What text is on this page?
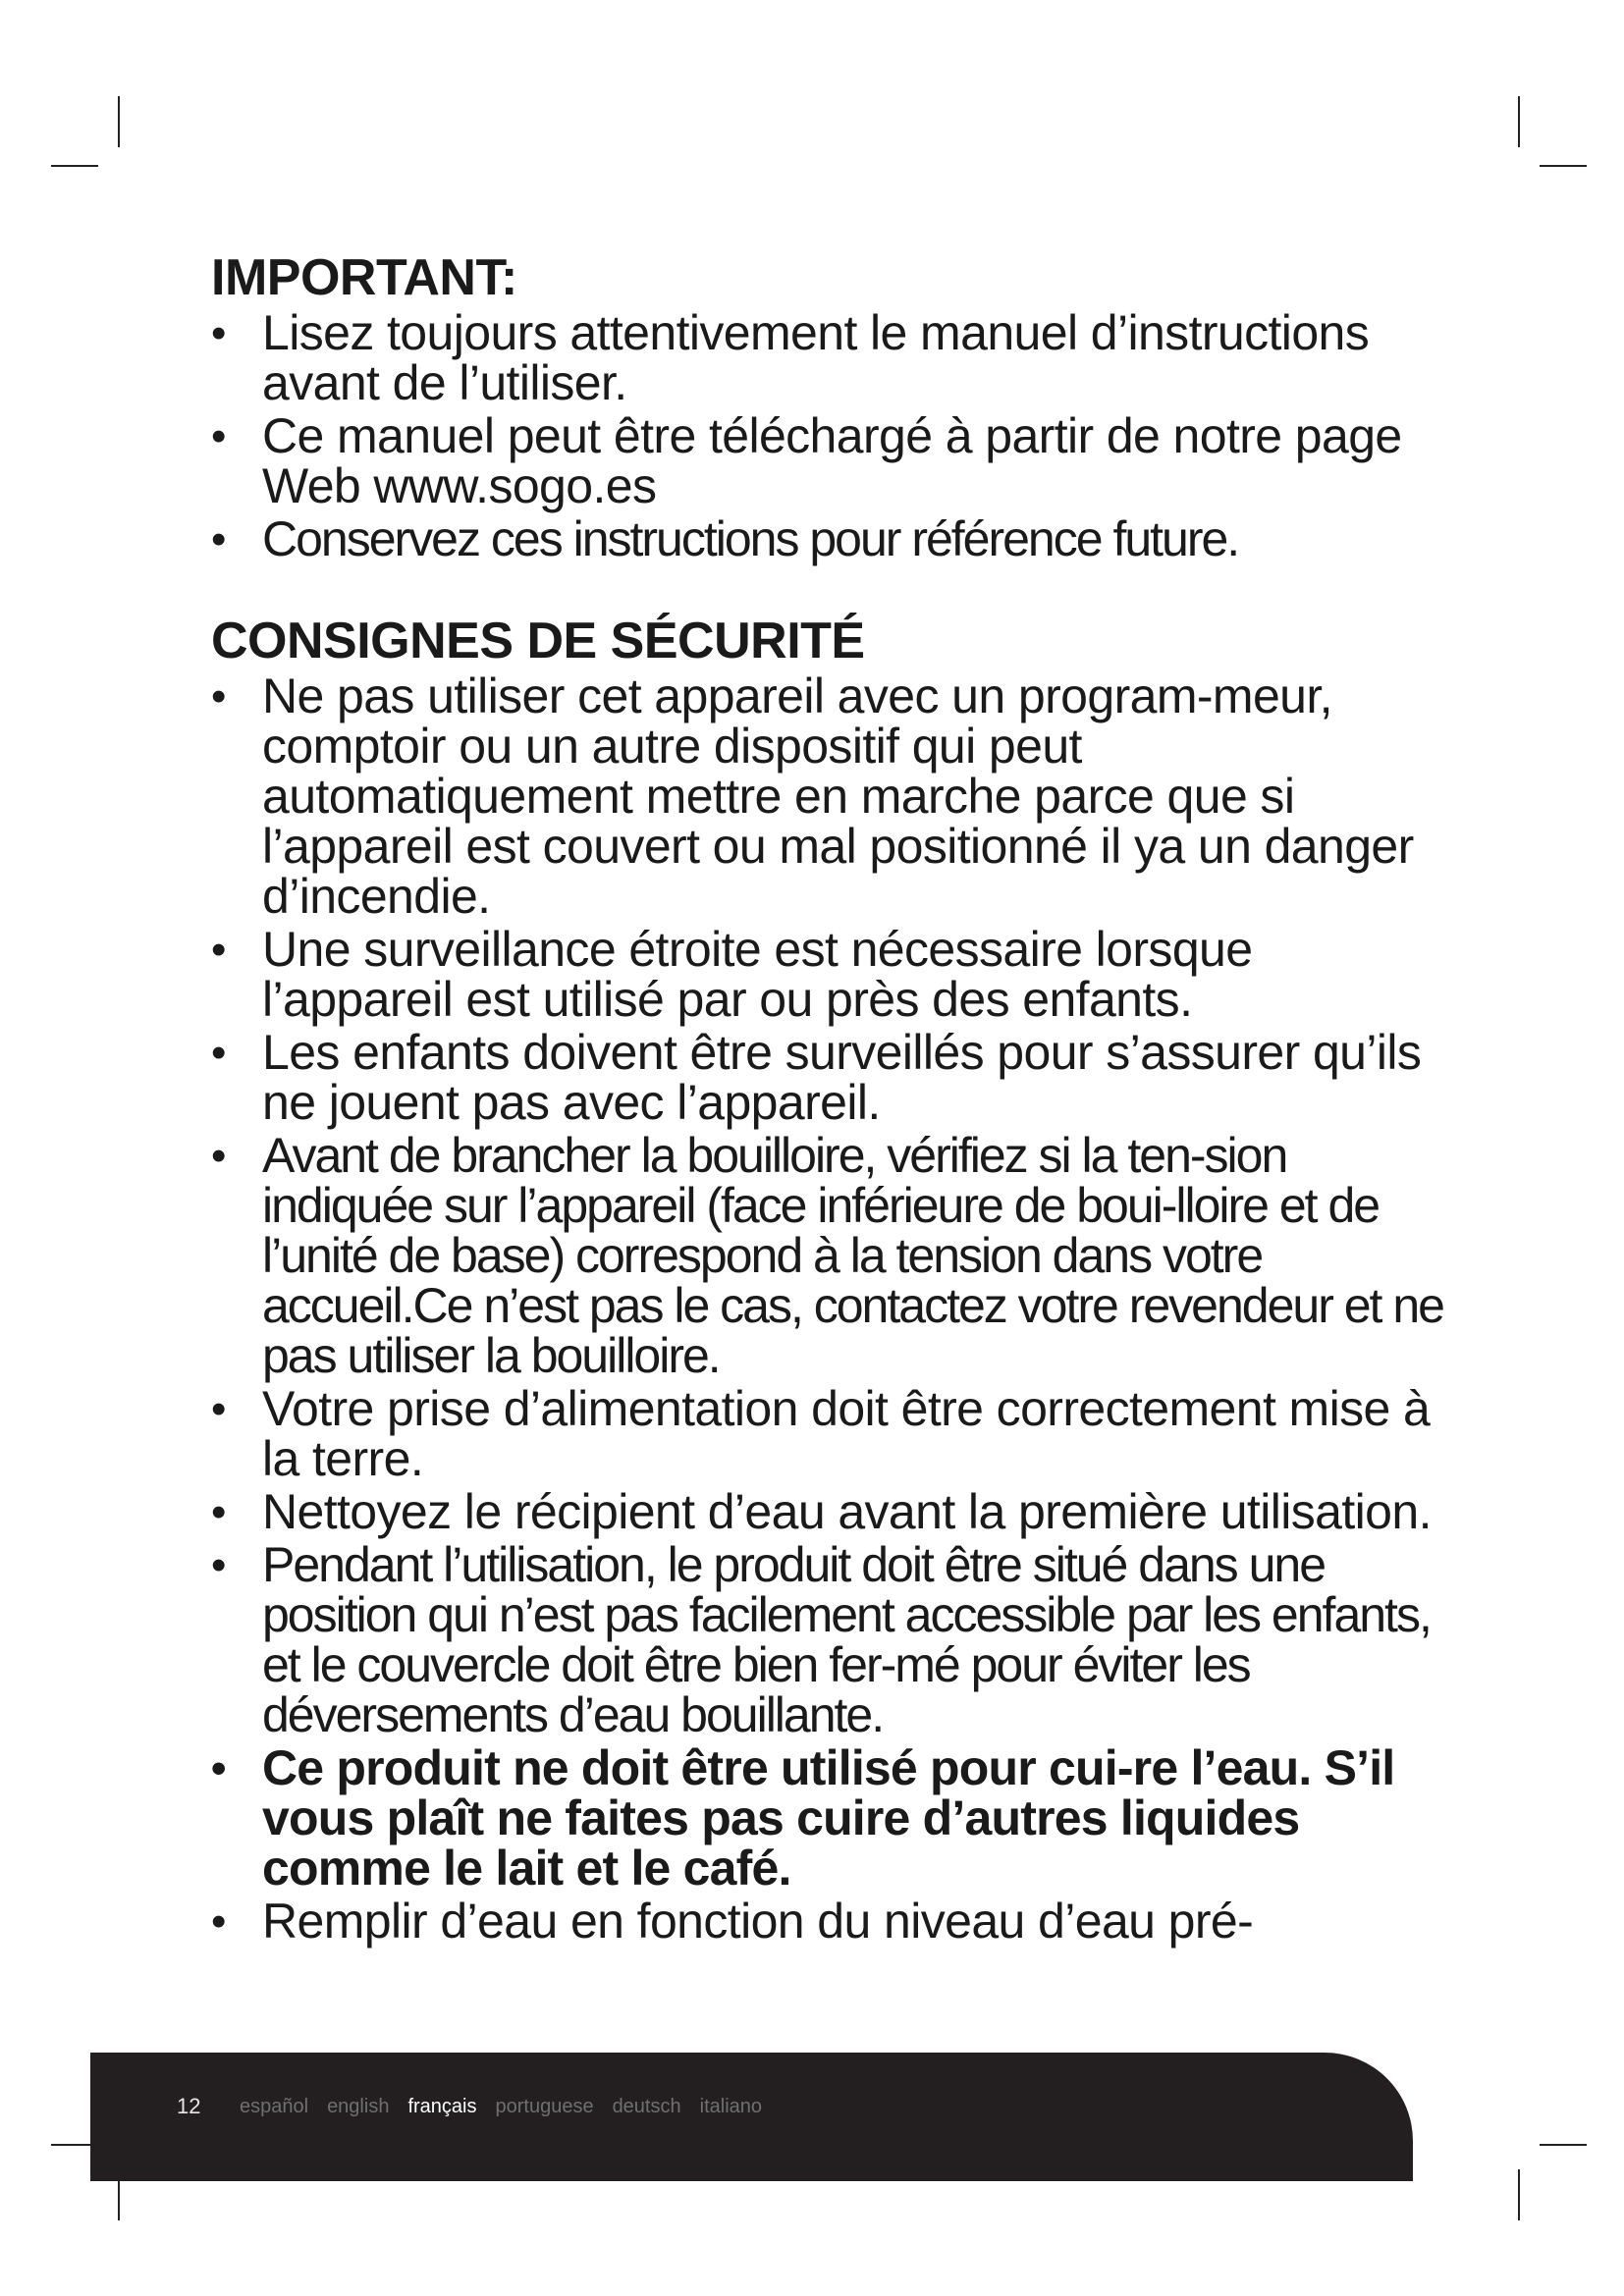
IMPORTANT:
• Lisez toujours attentivement le manuel d’instructions avant de l’utiliser.
• Ce manuel peut être téléchargé à partir de notre page Web www.sogo.es
• Conservez ces instructions pour référence future.
CONSIGNES DE SÉCURITÉ
• Ne pas utiliser cet appareil avec un program-meur, comptoir ou un autre dispositif qui peut automatiquement mettre en marche parce que si l’appareil est couvert ou mal positionné il ya un danger d’incendie.
• Une surveillance étroite est nécessaire lorsque l’appareil est utilisé par ou près des enfants.
• Les enfants doivent être surveillés pour s’assurer qu’ils ne jouent pas avec l’appareil.
• Avant de brancher la bouilloire, vérifiez si la ten-sion indiquée sur l’appareil (face inférieure de boui-lloire et de l’unité de base) correspond à la tension dans votre accueil.Ce n’est pas le cas, contactez votre revendeur et ne pas utiliser la bouilloire.
• Votre prise d’alimentation doit être correctement mise à la terre.
• Nettoyez le récipient d’eau avant la première utilisation.
• Pendant l’utilisation, le produit doit être situé dans une position qui n’est pas facilement accessible par les enfants, et le couvercle doit être bien fer-mé pour éviter les déversements d’eau bouillante.
• Ce produit ne doit être utilisé pour cui-re l’eau. S’il vous plaît ne faites pas cuire d’autres liquides comme le lait et le café.
• Remplir d’eau en fonction du niveau d’eau pré-
12 español english français portuguese deutsch italiano
